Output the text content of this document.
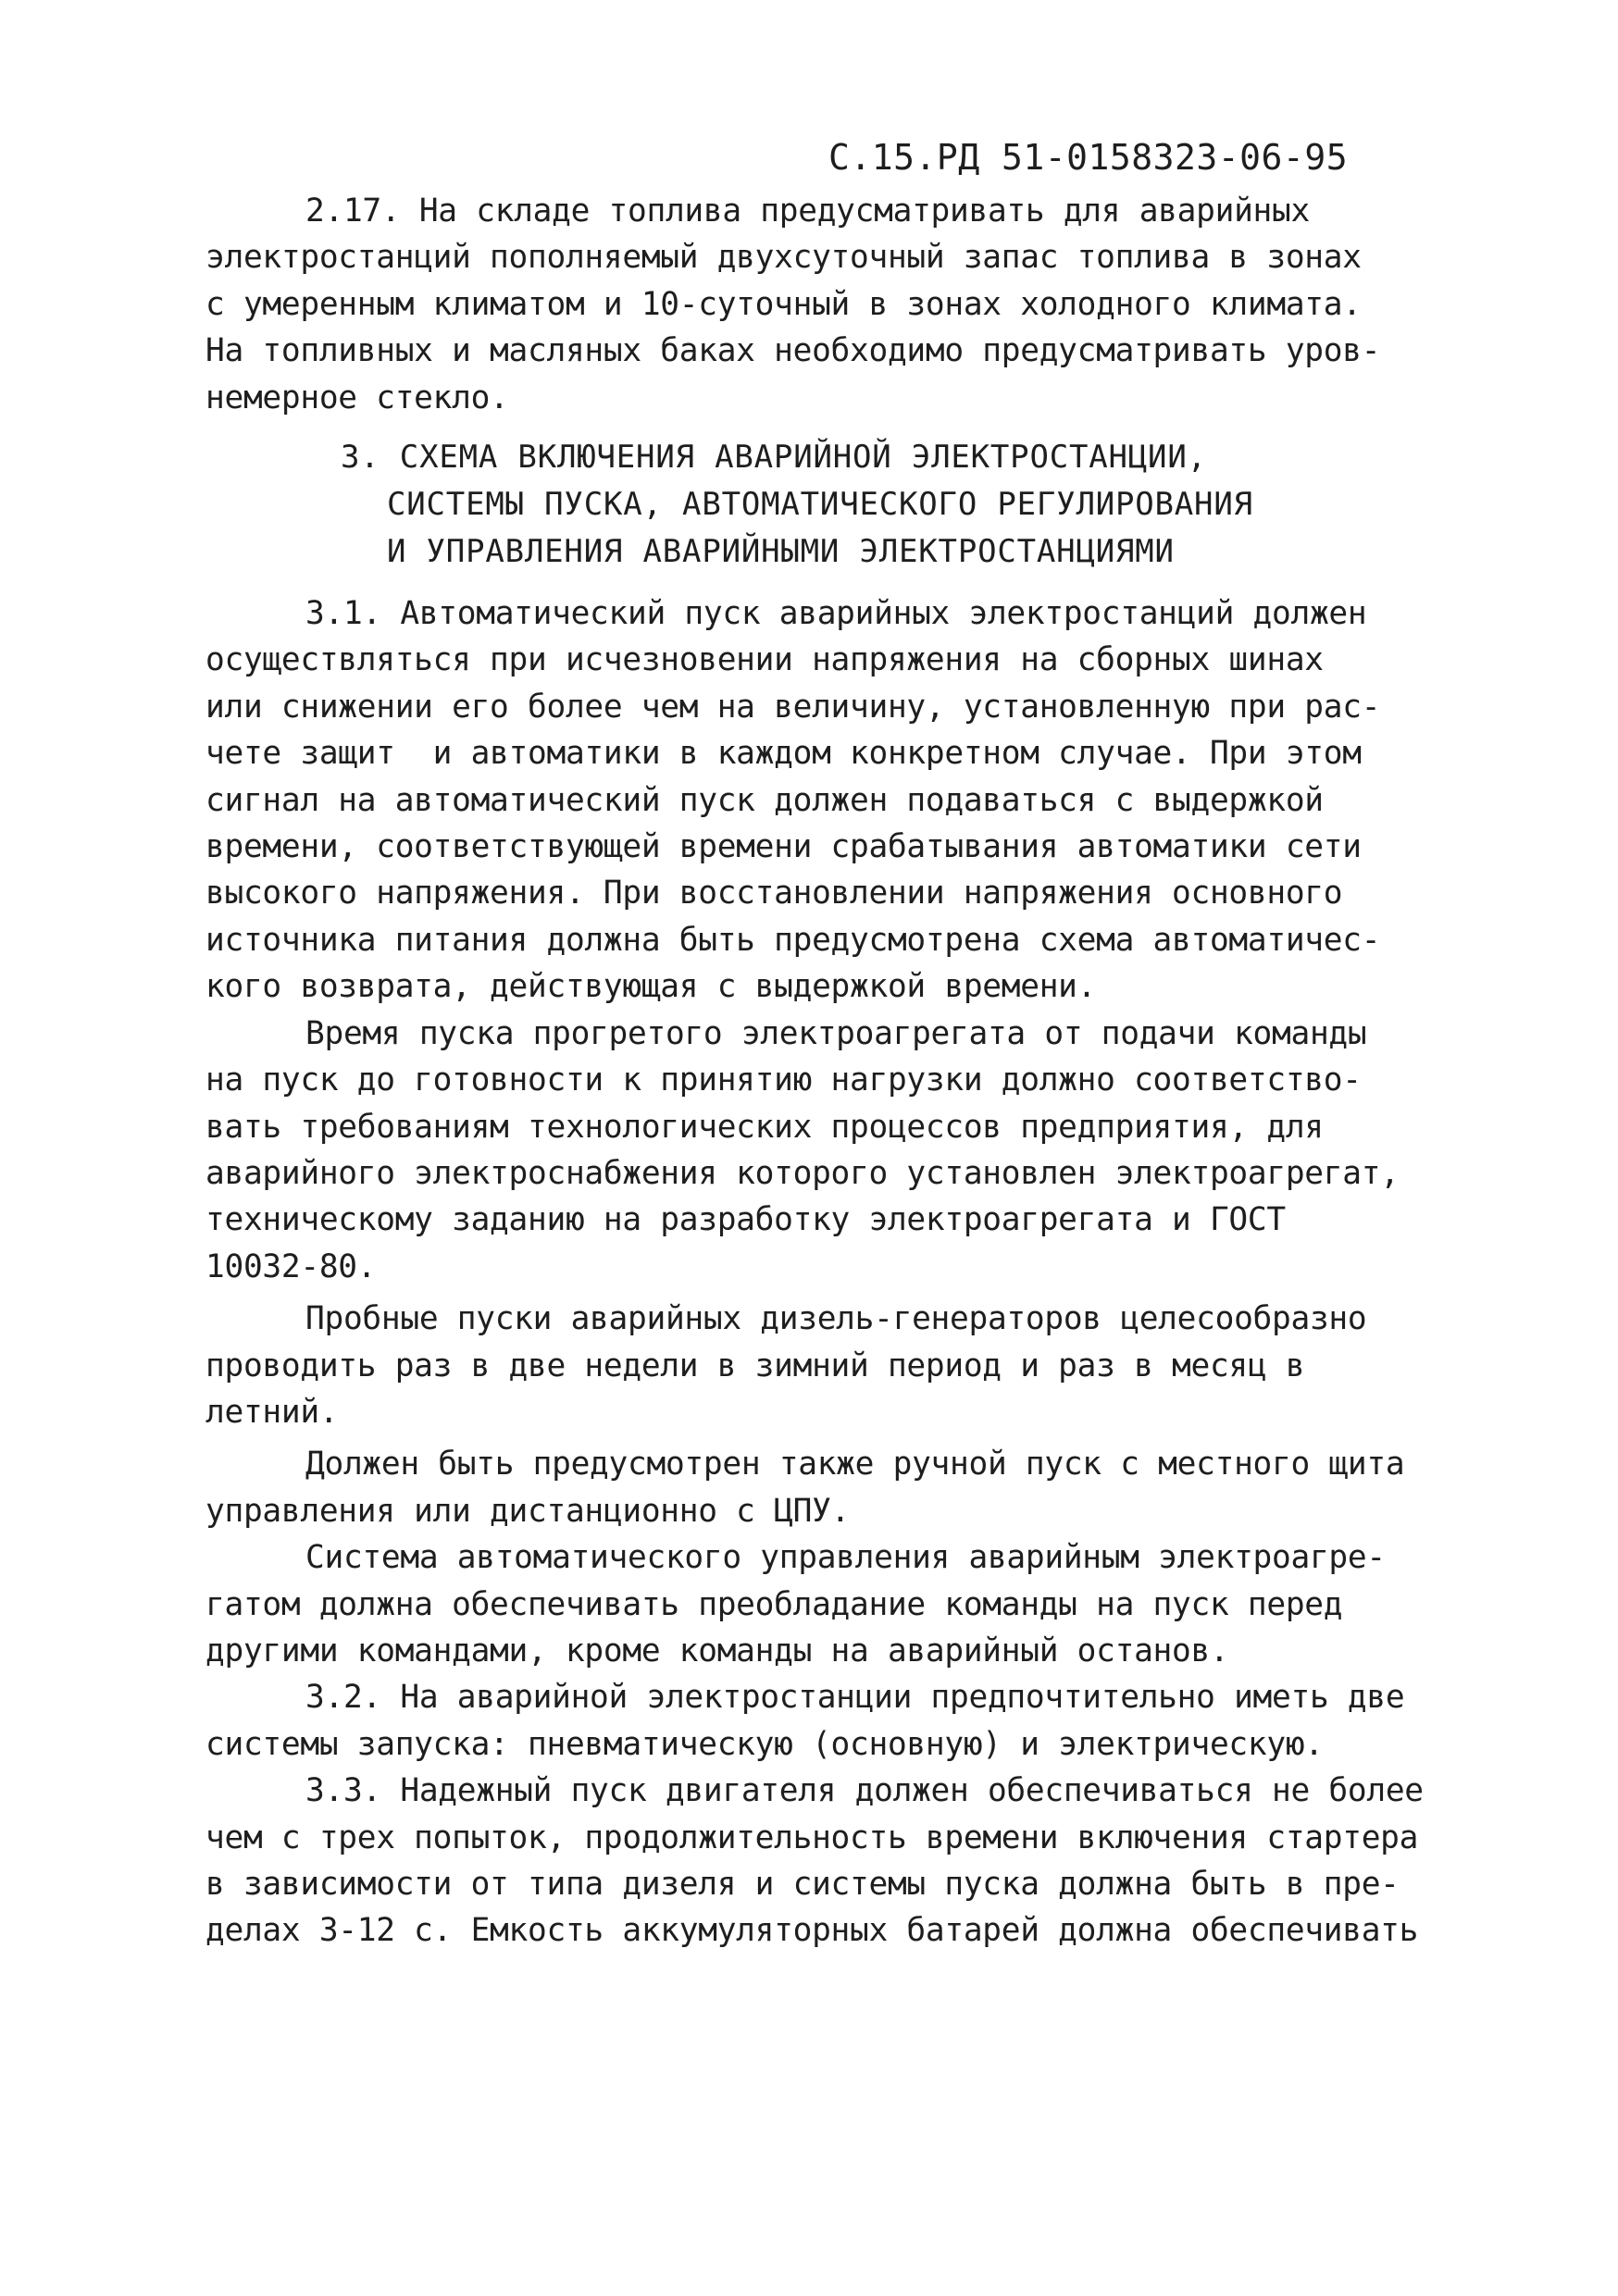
С.15.РД 51-0158323-06-95
2.17. На складе топлива предусматривать для аварийных
электростанций пополняемый двухсуточный запас топлива в зонах
с умеренным климатом и 10-суточный в зонах холодного климата.
На топливных и масляных баках необходимо предусматривать уров-
немерное стекло.
3. СХЕМА ВКЛЮЧЕНИЯ АВАРИЙНОЙ ЭЛЕКТРОСТАНЦИИ,
СИСТЕМЫ ПУСКА, АВТОМАТИЧЕСКОГО РЕГУЛИРОВАНИЯ
И УПРАВЛЕНИЯ АВАРИЙНЫМИ ЭЛЕКТРОСТАНЦИЯМИ
3.1. Автоматический пуск аварийных электростанций должен
осуществляться при исчезновении напряжения на сборных шинах
или снижении его более чем на величину, установленную при рас-
чете защит  и автоматики в каждом конкретном случае. При этом
сигнал на автоматический пуск должен подаваться с выдержкой
времени, соответствующей времени срабатывания автоматики сети
высокого напряжения. При восстановлении напряжения основного
источника питания должна быть предусмотрена схема автоматичес-
кого возврата, действующая с выдержкой времени.
Время пуска прогретого электроагрегата от подачи команды
на пуск до готовности к принятию нагрузки должно соответство-
вать требованиям технологических процессов предприятия, для
аварийного электроснабжения которого установлен электроагрегат,
техническому заданию на разработку электроагрегата и ГОСТ
10032-80.
Пробные пуски аварийных дизель-генераторов целесообразно
проводить раз в две недели в зимний период и раз в месяц в
летний.
Должен быть предусмотрен также ручной пуск с местного щита
управления или дистанционно с ЦПУ.
Система автоматического управления аварийным электроагре-
гатом должна обеспечивать преобладание команды на пуск перед
другими командами, кроме команды на аварийный останов.
3.2. На аварийной электростанции предпочтительно иметь две
системы запуска: пневматическую (основную) и электрическую.
3.3. Надежный пуск двигателя должен обеспечиваться не более
чем с трех попыток, продолжительность времени включения стартера
в зависимости от типа дизеля и системы пуска должна быть в пре-
делах 3-12 с. Емкость аккумуляторных батарей должна обеспечивать
